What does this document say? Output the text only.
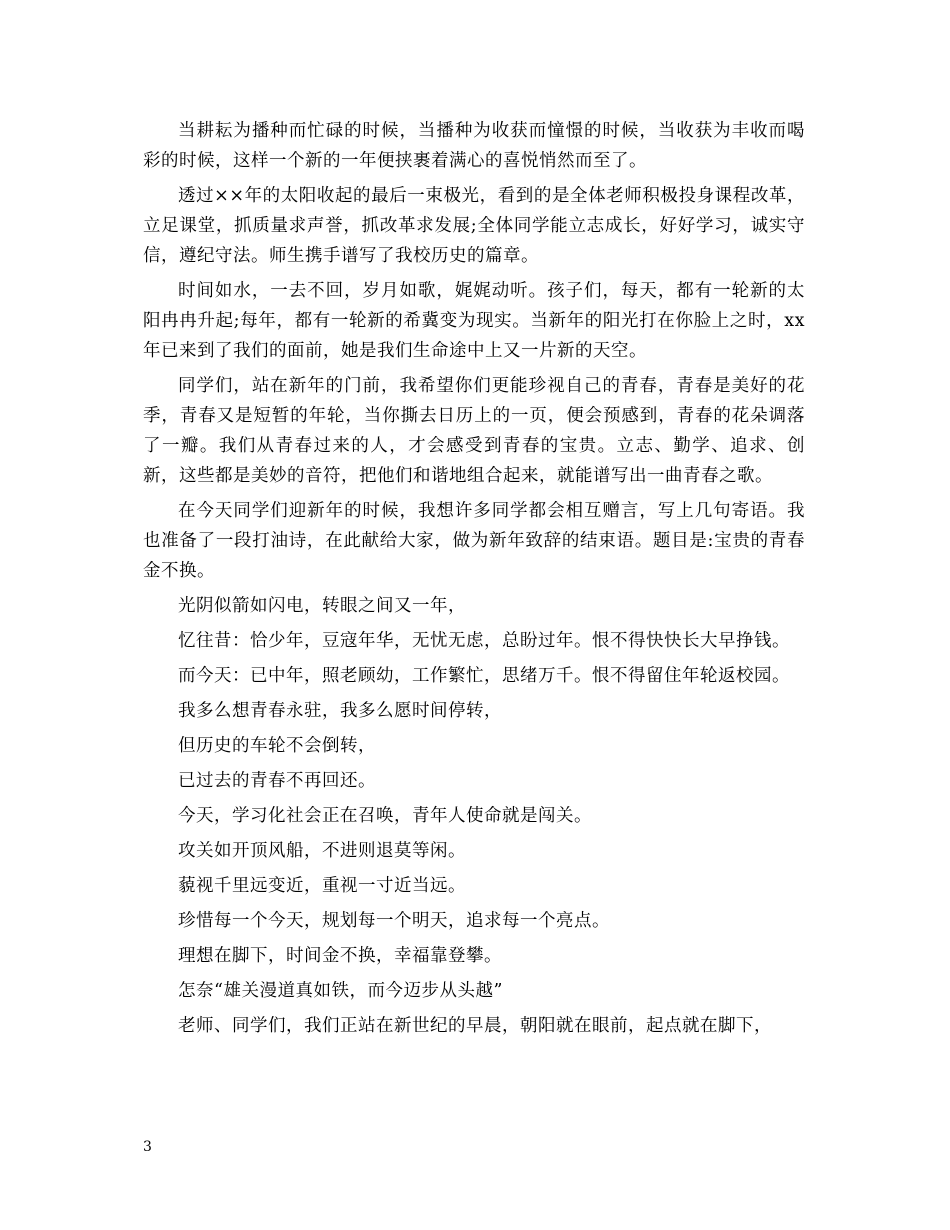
当耕耘为播种而忙碌的时候，当播种为收获而憧憬的时候，当收获为丰收而喝彩的时候，这样一个新的一年便挟裹着满心的喜悦悄然而至了。

透过××年的太阳收起的最后一束极光，看到的是全体老师积极投身课程改革，立足课堂，抓质量求声誉，抓改革求发展;全体同学能立志成长，好好学习，诚实守信，遵纪守法。师生携手谱写了我校历史的篇章。

时间如水，一去不回，岁月如歌，娓娓动听。孩子们，每天，都有一轮新的太阳冉冉升起;每年，都有一轮新的希冀变为现实。当新年的阳光打在你脸上之时，xx年已来到了我们的面前，她是我们生命途中上又一片新的天空。

同学们，站在新年的门前，我希望你们更能珍视自己的青春，青春是美好的花季，青春又是短暂的年轮，当你撕去日历上的一页，便会预感到，青春的花朵调落了一瓣。我们从青春过来的人，才会感受到青春的宝贵。立志、勤学、追求、创新，这些都是美妙的音符，把他们和谐地组合起来，就能谱写出一曲青春之歌。

在今天同学们迎新年的时候，我想许多同学都会相互赠言，写上几句寄语。我也准备了一段打油诗，在此献给大家，做为新年致辞的结束语。题目是:宝贵的青春金不换。

光阴似箭如闪电，转眼之间又一年，
忆往昔：恰少年，豆寇年华，无忧无虑，总盼过年。恨不得快快长大早挣钱。
而今天：已中年，照老顾幼，工作繁忙，思绪万千。恨不得留住年轮返校园。
我多么想青春永驻，我多么愿时间停转，
但历史的车轮不会倒转，
已过去的青春不再回还。
今天，学习化社会正在召唤，青年人使命就是闯关。
攻关如开顶风船，不进则退莫等闲。
藐视千里远变近，重视一寸近当远。
珍惜每一个今天，规划每一个明天，追求每一个亮点。
理想在脚下，时间金不换，幸福靠登攀。
怎奈“雄关漫道真如铁，而今迈步从头越”
老师、同学们，我们正站在新世纪的早晨，朝阳就在眼前，起点就在脚下，
3
